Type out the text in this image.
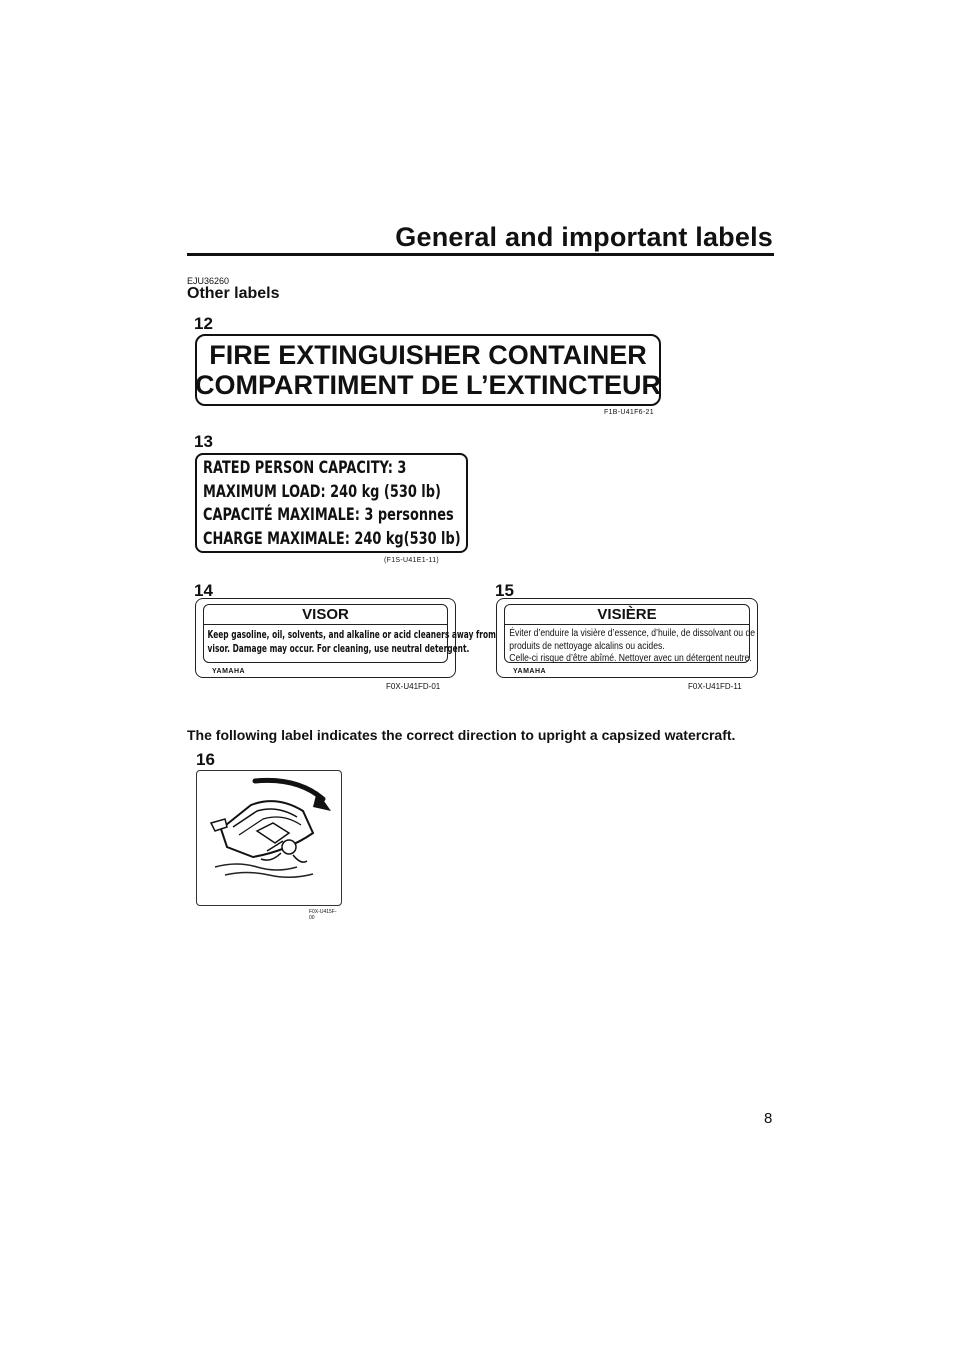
General and important labels
EJU36260
Other labels
12
FIRE EXTINGUISHER CONTAINER
COMPARTIMENT DE L’EXTINCTEUR
F1B-U41F6-21
13
RATED PERSON CAPACITY: 3
MAXIMUM LOAD: 240 kg (530 lb)
CAPACITÉ MAXIMALE: 3 personnes
CHARGE MAXIMALE: 240 kg(530 lb)
(F1S-U41E1-11)
14
VISOR
Keep gasoline, oil, solvents, and alkaline or acid cleaners away from
visor. Damage may occur. For cleaning, use neutral detergent.
YAMAHA
F0X-U41FD-01
15
VISIÈRE
Éviter d’enduire la visière d’essence, d’huile, de dissolvant ou de
produits de nettoyage alcalins ou acides.
Celle-ci risque d’être abîmé. Nettoyer avec un détergent neutre.
YAMAHA
F0X-U41FD-11
The following label indicates the correct direction to upright a capsized watercraft.
16
F0X-U415F-00
8
